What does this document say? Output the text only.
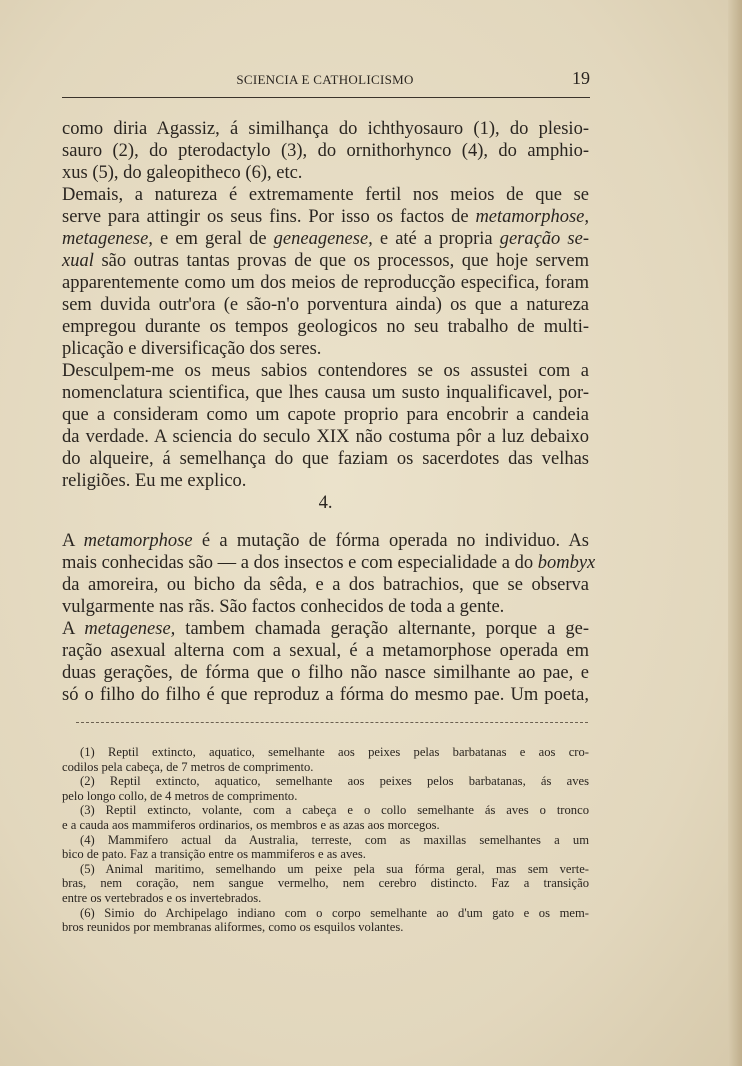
SCIENCIA E CATHOLICISMO	19
como diria Agassiz, á similhança do ichthyosauro (1), do plesio-
sauro (2), do pterodactylo (3), do ornithorhynco (4), do amphio-
xus (5), do galeopitheco (6), etc.
Demais, a natureza é extremamente fertil nos meios de que se
serve para attingir os seus fins. Por isso os factos de metamorphose,
metagenese, e em geral de geneagenese, e até a propria geração se-
xual são outras tantas provas de que os processos, que hoje servem
apparentemente como um dos meios de reproducção especifica, foram
sem duvida outr'ora (e são-n'o porventura ainda) os que a natureza
empregou durante os tempos geologicos no seu trabalho de multi-
plicação e diversificação dos seres.
Desculpem-me os meus sabios contendores se os assustei com a
nomenclatura scientifica, que lhes causa um susto inqualificavel, por-
que a consideram como um capote proprio para encobrir a candeia
da verdade. A sciencia do seculo XIX não costuma pôr a luz debaixo
do alqueire, á semelhança do que faziam os sacerdotes das velhas
religiões. Eu me explico.
4.
A metamorphose é a mutação de fórma operada no individuo. As
mais conhecidas são — a dos insectos e com especialidade a do bombyx
da amoreira, ou bicho da sêda, e a dos batrachios, que se observa
vulgarmente nas rãs. São factos conhecidos de toda a gente.
A metagenese, tambem chamada geração alternante, porque a ge-
ração asexual alterna com a sexual, é a metamorphose operada em
duas gerações, de fórma que o filho não nasce similhante ao pae, e
só o filho do filho é que reproduz a fórma do mesmo pae. Um poeta,
(1) Reptil extincto, aquatico, semelhante aos peixes pelas barbatanas e aos cro-
codilos pela cabeça, de 7 metros de comprimento.
(2) Reptil extincto, aquatico, semelhante aos peixes pelos barbatanas, ás aves
pelo longo collo, de 4 metros de comprimento.
(3) Reptil extincto, volante, com a cabeça e o collo semelhante ás aves o tronco
e a cauda aos mammiferos ordinarios, os membros e as azas aos morcegos.
(4) Mammifero actual da Australia, terreste, com as maxillas semelhantes a um
bico de pato. Faz a transição entre os mammiferos e as aves.
(5) Animal maritimo, semelhando um peixe pela sua fórma geral, mas sem verte-
bras, nem coração, nem sangue vermelho, nem cerebro distincto. Faz a transição
entre os vertebrados e os invertebrados.
(6) Simio do Archipelago indiano com o corpo semelhante ao d'um gato e os mem-
bros reunidos por membranas aliformes, como os esquilos volantes.
